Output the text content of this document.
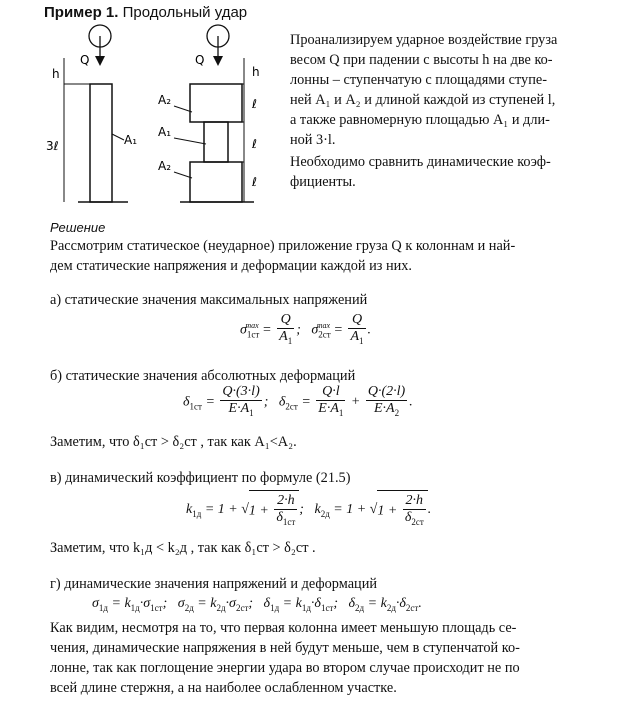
Пример 1. Продольный удар
Q
h
3ℓ	A₁
Q
h
ℓ
ℓ
ℓ
A₂
A₁
A₂
Проанализируем ударное воздействие груза
весом Q при падении с высоты h на две ко-
лонны – ступенчатую с площадями ступе-
ней A₁ и A₂ и длиной каждой из ступеней l,
а также равномерную площадью A₁ и дли-
ной 3·l.
Необходимо сравнить динамические коэф-
фициенты.
Решение
Рассмотрим статическое (неударное) приложение груза Q к колоннам и най-
дем статические напряжения и деформации каждой из них.
а) статические значения максимальных напряжений
$\sigma_{1ст}^{max} = \frac{Q}{A_1}$ ;   $\sigma_{2ст}^{max} = \frac{Q}{A_1}$ .
б) статические значения абсолютных деформаций
$\delta_{1ст} = \frac{Q\cdot(3\cdot l)}{E\cdot A_1}$ ;   $\delta_{2ст} = \frac{Q\cdot l}{E\cdot A_1} + \frac{Q\cdot(2\cdot l)}{E\cdot A_2}$ .
Заметим, что δ₁ст > δ₂ст , так как A₁<A₂.
в) динамический коэффициент по формуле (21.5)
$k_{1д} = 1 + √1 + \frac{2\cdot h}{\delta_{1ст}}$ ;   $k_{2д} = 1 + √1 + \frac{2\cdot h}{\delta_{2ст}}$ .
Заметим, что k₁д < k₂д , так как δ₁ст > δ₂ст .
г) динамические значения напряжений и деформаций
$\sigma_{1д} = k_{1д}\cdot\sigma_{1ст}$;   $\sigma_{2д} = k_{2д}\cdot\sigma_{2ст}$;   $\delta_{1д} = k_{1д}\cdot\delta_{1ст}$;   $\delta_{2д} = k_{2д}\cdot\delta_{2ст}$.
Как видим, несмотря на то, что первая колонна имеет меньшую площадь се-
чения, динамические напряжения в ней будут меньше, чем в ступенчатой ко-
лонне, так как поглощение энергии удара во втором случае происходит не по
всей длине стержня, а на наиболее ослабленном участке.
